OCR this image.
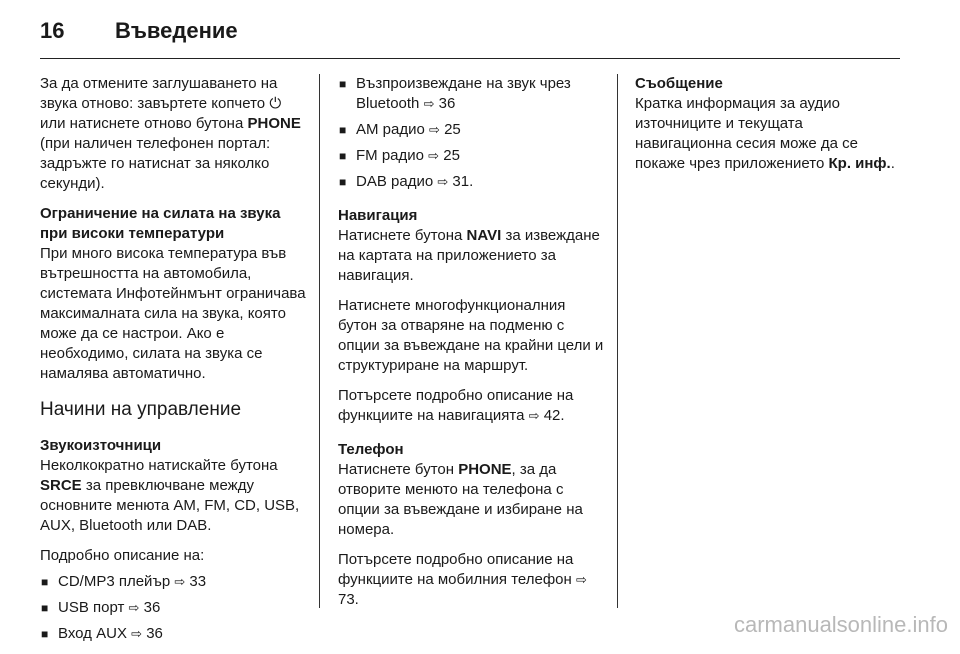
16	Въведение

За да отмените заглушаването на звука отново: завъртете копчето ⏻ или натиснете отново бутона PHONE (при наличен телефонен портал: задръжте го натиснат за няколко секунди).

Ограничение на силата на звука при високи температури

При много висока температура във вътрешността на автомобила, системата Инфотейнмънт ограничава максималната сила на звука, която може да се настрои. Ако е необходимо, силата на звука се намалява автоматично.

Начини на управление

Звукоизточници

Неколкократно натискайте бутона SRCE за превключване между основните менюта AM, FM, CD, USB, AUX, Bluetooth или DAB.

Подробно описание на:

■ CD/MP3 плейър ⇨ 33
■ USB порт ⇨ 36
■ Вход AUX ⇨ 36
■ Възпроизвеждане на звук чрез Bluetooth ⇨ 36
■ AM радио ⇨ 25
■ FM радио ⇨ 25
■ DAB радио ⇨ 31.

Навигация

Натиснете бутона NAVI за извеждане на картата на приложението за навигация.

Натиснете многофункционалния бутон за отваряне на подменю с опции за въвеждане на крайни цели и структуриране на маршрут.

Потърсете подробно описание на функциите на навигацията ⇨ 42.

Телефон

Натиснете бутон PHONE, за да отворите менюто на телефона с опции за въвеждане и избиране на номера.

Потърсете подробно описание на функциите на мобилния телефон ⇨ 73.

Съобщение

Кратка информация за аудио източниците и текущата навигационна сесия може да се покаже чрез приложението Кр. инф..

carmanualsonline.info
